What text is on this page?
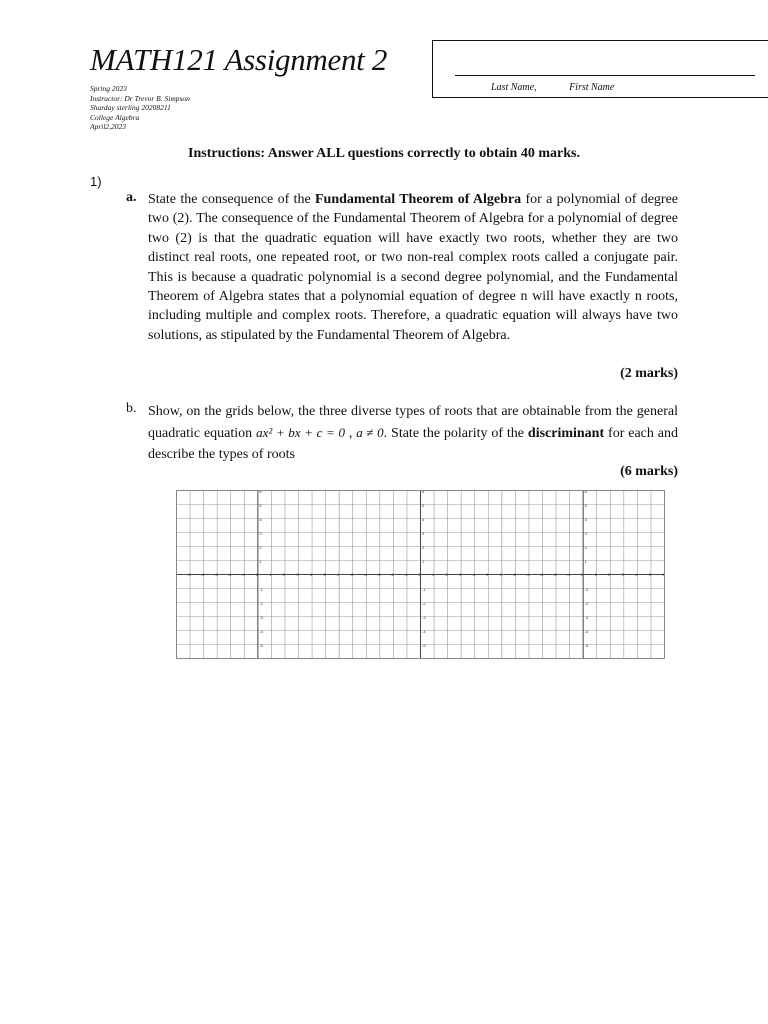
MATH121 Assignment 2
Spring 2023
Instructor: Dr Trevor B. Simpson
Sharday sterling 20208211
College Algebra
April2,2023
Last Name,	First Name
Instructions: Answer ALL questions correctly to obtain 40 marks.
1)
a. State the consequence of the Fundamental Theorem of Algebra for a polynomial of degree two (2). The consequence of the Fundamental Theorem of Algebra for a polynomial of degree two (2) is that the quadratic equation will have exactly two roots, whether they are two distinct real roots, one repeated root, or two non-real complex roots called a conjugate pair. This is because a quadratic polynomial is a second degree polynomial, and the Fundamental Theorem of Algebra states that a polynomial equation of degree n will have exactly n roots, including multiple and complex roots. Therefore, a quadratic equation will always have two solutions, as stipulated by the Fundamental Theorem of Algebra.
(2 marks)
b. Show, on the grids below, the three diverse types of roots that are obtainable from the general quadratic equation ax² + bx + c = 0 , a ≠ 0. State the polarity of the discriminant for each and describe the types of roots
(6 marks)
-5 -4 -3 -2 -1	0	1	2	3	4	5	6
6
5
4
3
2
1
-1
-2
-3
-4
-5
-5 -4 -3 -2 -1	0	1	2	3	4	5	6
6
5
4
3
2
1
-1
-2
-3
-4
-5
-5 -4 -3 -2 -1	0	1	2	3	4	5	6
6
5
4
3
2
1
-1
-2
-3
-4
-5
